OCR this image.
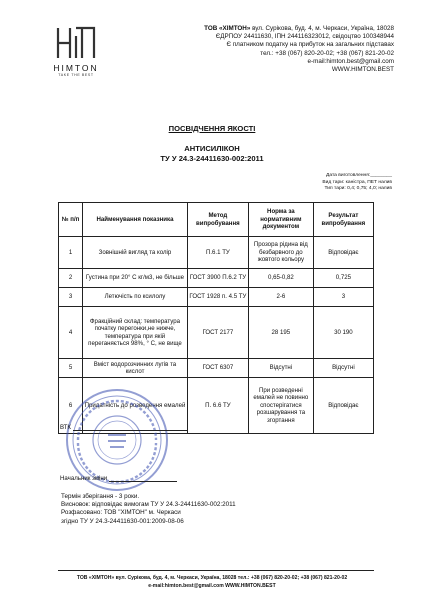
HIMTON
TAKE THE BEST
ТОВ «ХІМТОН» вул. Сурікова, буд. 4, м. Черкаси, Україна, 18028
ЄДРПОУ 24411630, ІПН 244116323012, свідоцтво 100348944
Є платником податку на прибуток на загальних підставах
тел.: +38 (067) 820-20-02; +38 (067) 821-20-02
e-mail:himton.best@gmail.com
WWW.HIMTON.BEST
ПОСВІДЧЕННЯ ЯКОСТІ
АНТИСИЛІКОН
ТУ У 24.3-24411630-002:2011
Дата виготовлення:________
Вид тари: каністра, ПЕТ налив
Тип тари: 0,4; 0,75; 4,0; налив
№ п/п	Найменування показника	Метод випробування	Норма за нормативним документом	Результат випробування
1	Зовнішній вигляд та колір	П.6.1 ТУ	Прозора рідина від безбарвного до жовтого кольору	Відповідає
2	Густина при 20° С кг/м3, не більше	ГОСТ 3900 П.6.2 ТУ	0,65-0,82	0,725
3	Летючість по ксилолу	ГОСТ 1928 п. 4.5 ТУ	2-6	3
4	Фракційний склад: температура початку перегонки,не нижче, температура при якій переганяється 98%, ° С, не вище	ГОСТ 2177	28 195	30 190
5	Вміст водорозчинних лугів та кислот	ГОСТ 6307	Відсутні	Відсутні
6	Придатність до розведення емалей	П. 6.6 ТУ	При розведенні емалей не повинно спостерігатися розшарування та згортання	Відповідає
ВТК
Начальник зміни
Термін зберігання - 3 роки.
Висновок: відповідає вимогам ТУ У 24.3-24411630-002:2011
Розфасовано: ТОВ "ХІМТОН" м. Черкаси
згідно ТУ У 24.3-24411630-001:2009-08-06
ТОВ «ХІМТОН» вул. Сурікова, буд. 4, м. Черкаси, Україна, 18028 тел.: +38 (067) 820-20-02; +38 (067) 821-20-02
e-mail:himton.best@gmail.com WWW.HIMTON.BEST
